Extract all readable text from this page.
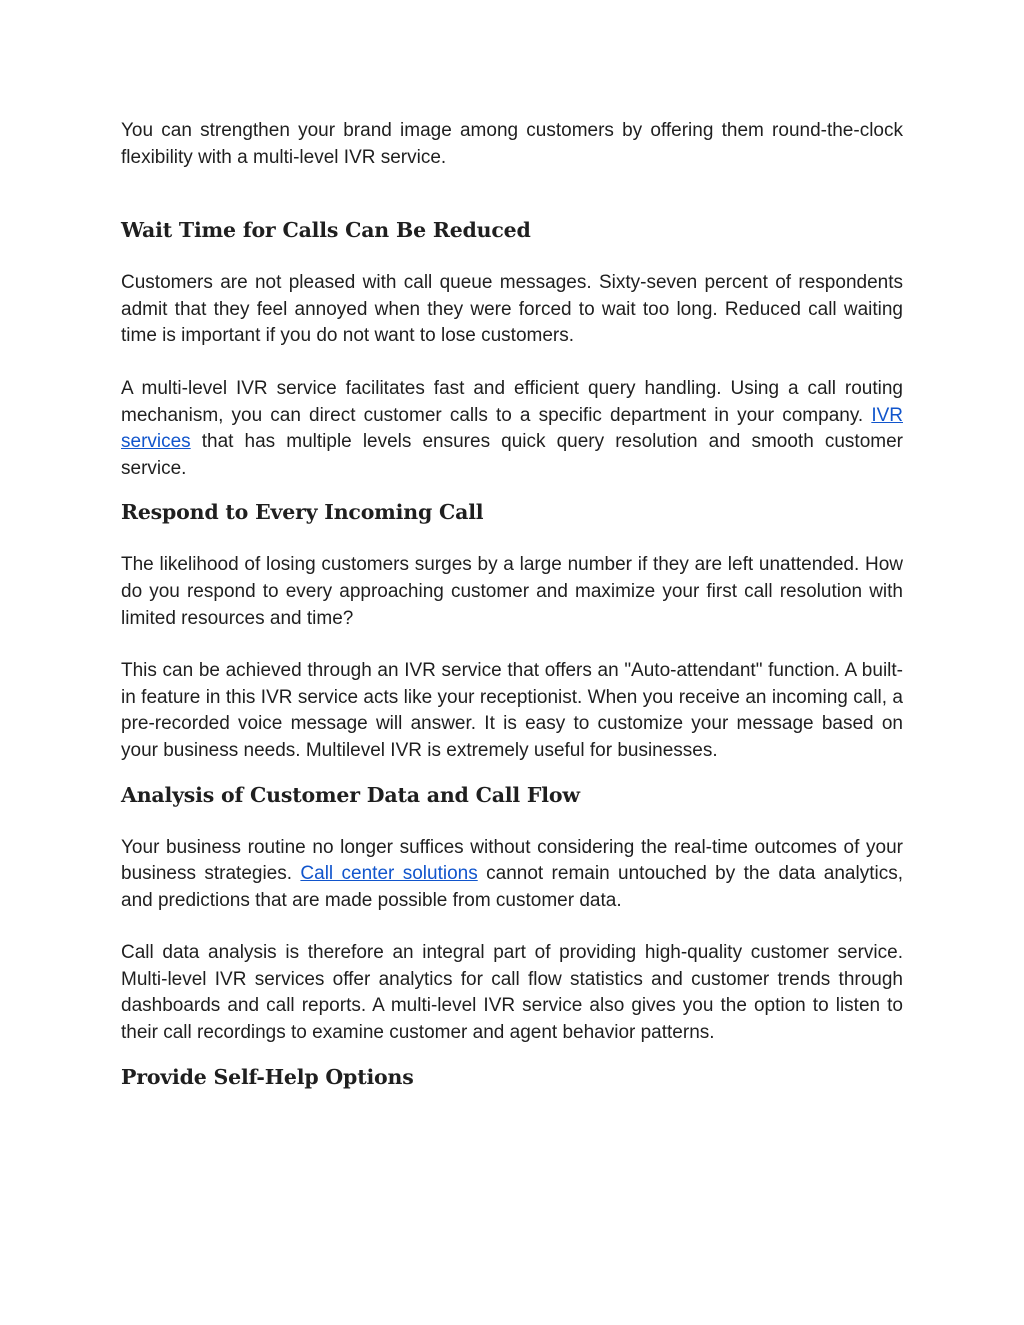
You can strengthen your brand image among customers by offering them round-the-clock flexibility with a multi-level IVR service.

Wait Time for Calls Can Be Reduced

Customers are not pleased with call queue messages. Sixty-seven percent of respondents admit that they feel annoyed when they were forced to wait too long. Reduced call waiting time is important if you do not want to lose customers.

A multi-level IVR service facilitates fast and efficient query handling. Using a call routing mechanism, you can direct customer calls to a specific department in your company. IVR services that has multiple levels ensures quick query resolution and smooth customer service.

Respond to Every Incoming Call

The likelihood of losing customers surges by a large number if they are left unattended. How do you respond to every approaching customer and maximize your first call resolution with limited resources and time?

This can be achieved through an IVR service that offers an "Auto-attendant" function. A built-in feature in this IVR service acts like your receptionist. When you receive an incoming call, a pre-recorded voice message will answer. It is easy to customize your message based on your business needs. Multilevel IVR is extremely useful for businesses.

Analysis of Customer Data and Call Flow

Your business routine no longer suffices without considering the real-time outcomes of your business strategies. Call center solutions cannot remain untouched by the data analytics, and predictions that are made possible from customer data.

Call data analysis is therefore an integral part of providing high-quality customer service. Multi-level IVR services offer analytics for call flow statistics and customer trends through dashboards and call reports. A multi-level IVR service also gives you the option to listen to their call recordings to examine customer and agent behavior patterns.

Provide Self-Help Options
